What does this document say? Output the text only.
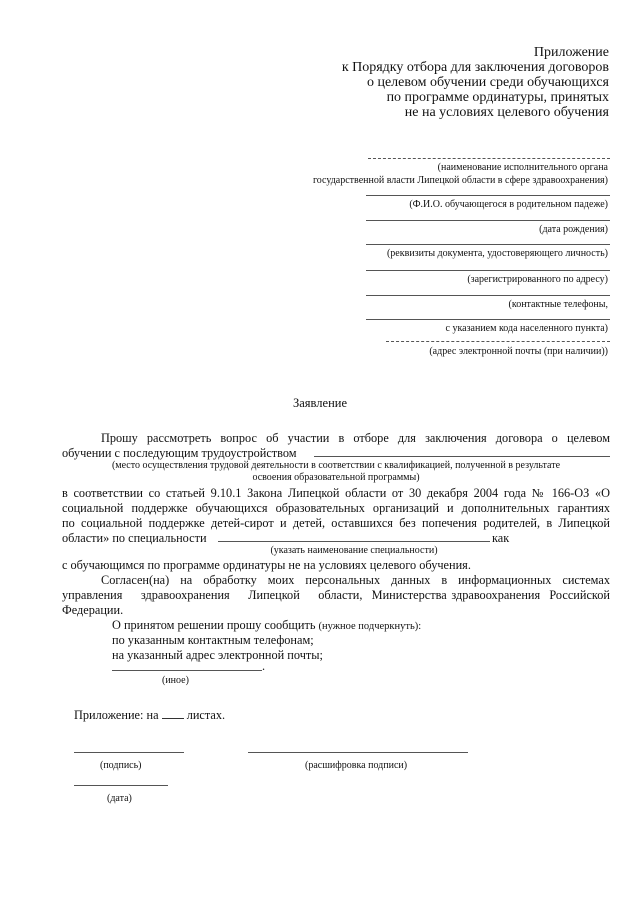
Приложение
к Порядку отбора для заключения договоров
о целевом обучении среди обучающихся
по программе ординатуры, принятых
не на условиях целевого обучения
(наименование исполнительного органа
государственной власти Липецкой области в сфере здравоохранения)
(Ф.И.О. обучающегося в родительном падеже)
(дата рождения)
(реквизиты документа, удостоверяющего личность)
(зарегистрированного по адресу)
(контактные телефоны,
с указанием кода населенного пункта)
(адрес электронной почты (при наличии))
Заявление
Прошу рассмотреть вопрос об участии в отборе для заключения договора о целевом
обучении с последующим трудоустройством
(место осуществления трудовой деятельности в соответствии с квалификацией, полученной в результате
освоения образовательной программы)
в соответствии со статьей 9.10.1 Закона Липецкой области от 30 декабря 2004 года № 166-ОЗ «О
социальной поддержке обучающихся образовательных организаций и дополнительных гарантиях
по социальной поддержке детей-сирот и детей, оставшихся без попечения родителей, в Липецкой
области» по специальности	как
(указать наименование специальности)
с обучающимся по программе ординатуры не на условиях целевого обучения.
Согласен(на) на обработку моих персональных данных в информационных системах
управления    здравоохранения    Липецкой    области,  Министерства здравоохранения  Российской
Федерации.
О принятом решении прошу сообщить (нужное подчеркнуть):
по указанным контактным телефонам;
на указанный адрес электронной почты;
.
(иное)
Приложение: на листах.
(подпись)	(расшифровка подписи)
(дата)
